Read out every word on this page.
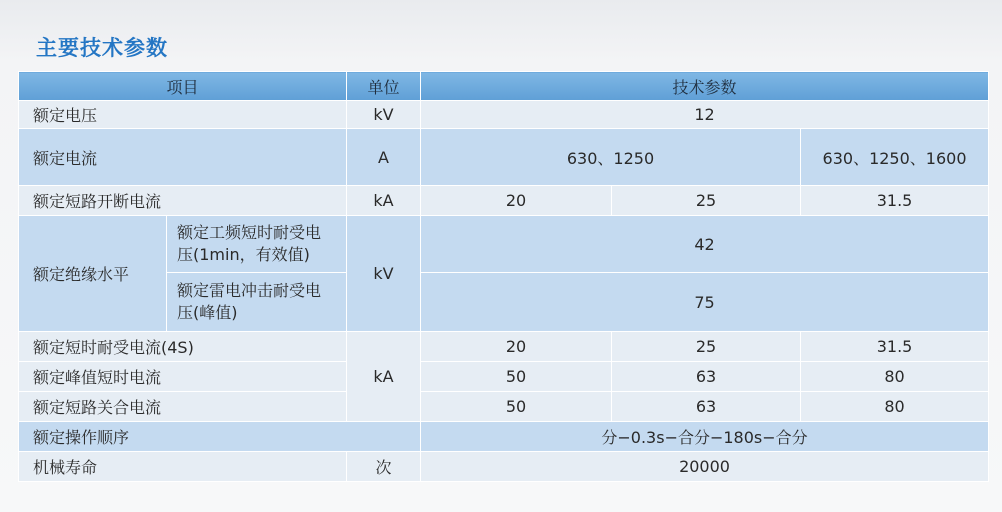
主要技术参数
项目		单位	技术参数		
额定电压		kV	12		
额定电流		A	630、1250		630、1250、1600
额定短路开断电流		kA	20	25	31.5
额定绝缘水平	额定工频短时耐受电压(1min，有效值)	kV	42		
	额定雷电冲击耐受电压(峰值)		75		
额定短时耐受电流(4S)		kA	20	25	31.5
额定峰值短时电流			50	63	80
额定短路关合电流			50	63	80
额定操作顺序			分−0.3s−合分−180s−合分		
机械寿命		次	20000		
